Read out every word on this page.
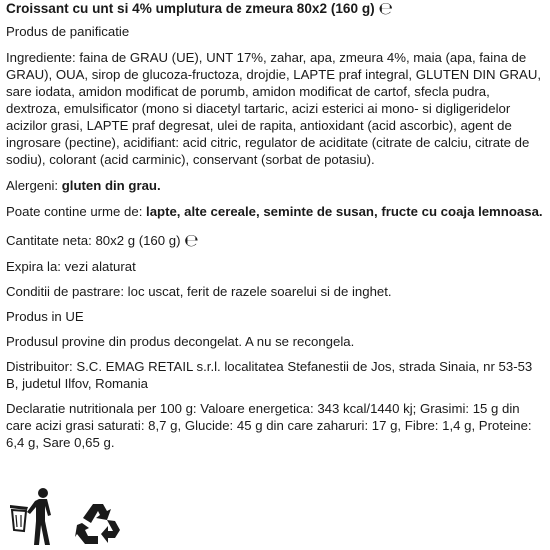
Croissant cu unt si 4% umplutura de zmeura 80x2 (160 g) ℮

Produs de panificatie

Ingrediente: faina de GRAU (UE), UNT 17%, zahar, apa, zmeura 4%, maia (apa, faina de GRAU), OUA, sirop de glucoza-fructoza, drojdie, LAPTE praf integral, GLUTEN DIN GRAU, sare iodata, amidon modificat de porumb, amidon modificat de cartof, sfecla pudra, dextroza, emulsificator (mono si diacetyl tartaric, acizi esterici ai mono- si digligeridelor acizilor grasi, LAPTE praf degresat, ulei de rapita, antioxidant (acid ascorbic), agent de ingrosare (pectine), acidifiant: acid citric, regulator de aciditate (citrate de calciu, citrate de sodiu), colorant (acid carminic), conservant (sorbat de potasiu).

Alergeni: gluten din grau.

Poate contine urme de: lapte, alte cereale, seminte de susan, fructe cu coaja lemnoasa.

Cantitate neta: 80x2 g (160 g) ℮

Expira la: vezi alaturat

Conditii de pastrare: loc uscat, ferit de razele soarelui si de inghet.

Produs in UE

Produsul provine din produs decongelat. A nu se recongela.

Distribuitor: S.C. EMAG RETAIL s.r.l. localitatea Stefanestii de Jos, strada Sinaia, nr 53-53 B, judetul Ilfov, Romania

Declaratie nutritionala per 100 g: Valoare energetica: 343 kcal/1440 kj; Grasimi: 15 g din care acizi grasi saturati: 8,7 g, Glucide: 45 g din care zaharuri: 17 g, Fibre: 1,4 g, Proteine: 6,4 g, Sare 0,65 g.
